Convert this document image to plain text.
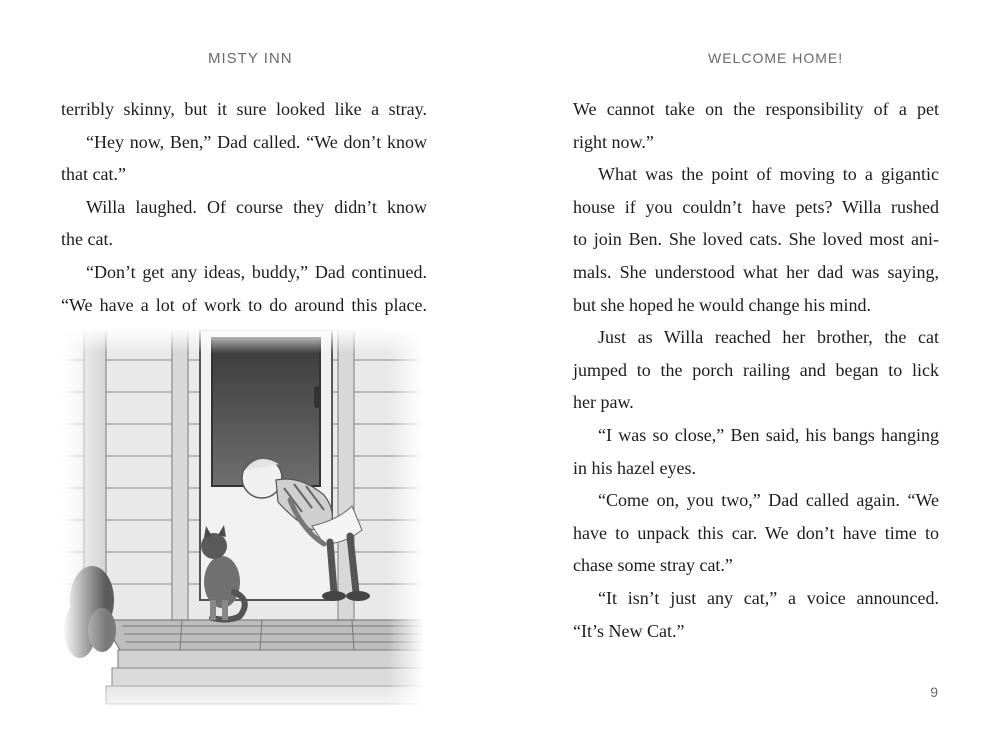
MISTY INN
terribly skinny, but it sure looked like a stray.
“Hey now, Ben,” Dad called. “We don’t know
that cat.”
Willa laughed. Of course they didn’t know
the cat.
“Don’t get any ideas, buddy,” Dad continued.
“We have a lot of work to do around this place.
WELCOME HOME!
We cannot take on the responsibility of a pet
right now.”
What was the point of moving to a gigantic
house if you couldn’t have pets? Willa rushed
to join Ben. She loved cats. She loved most ani-
mals. She understood what her dad was saying,
but she hoped he would change his mind.
Just as Willa reached her brother, the cat
jumped to the porch railing and began to lick
her paw.
“I was so close,” Ben said, his bangs hanging
in his hazel eyes.
“Come on, you two,” Dad called again. “We
have to unpack this car. We don’t have time to
chase some stray cat.”
“It isn’t just any cat,” a voice announced.
“It’s New Cat.”
9
